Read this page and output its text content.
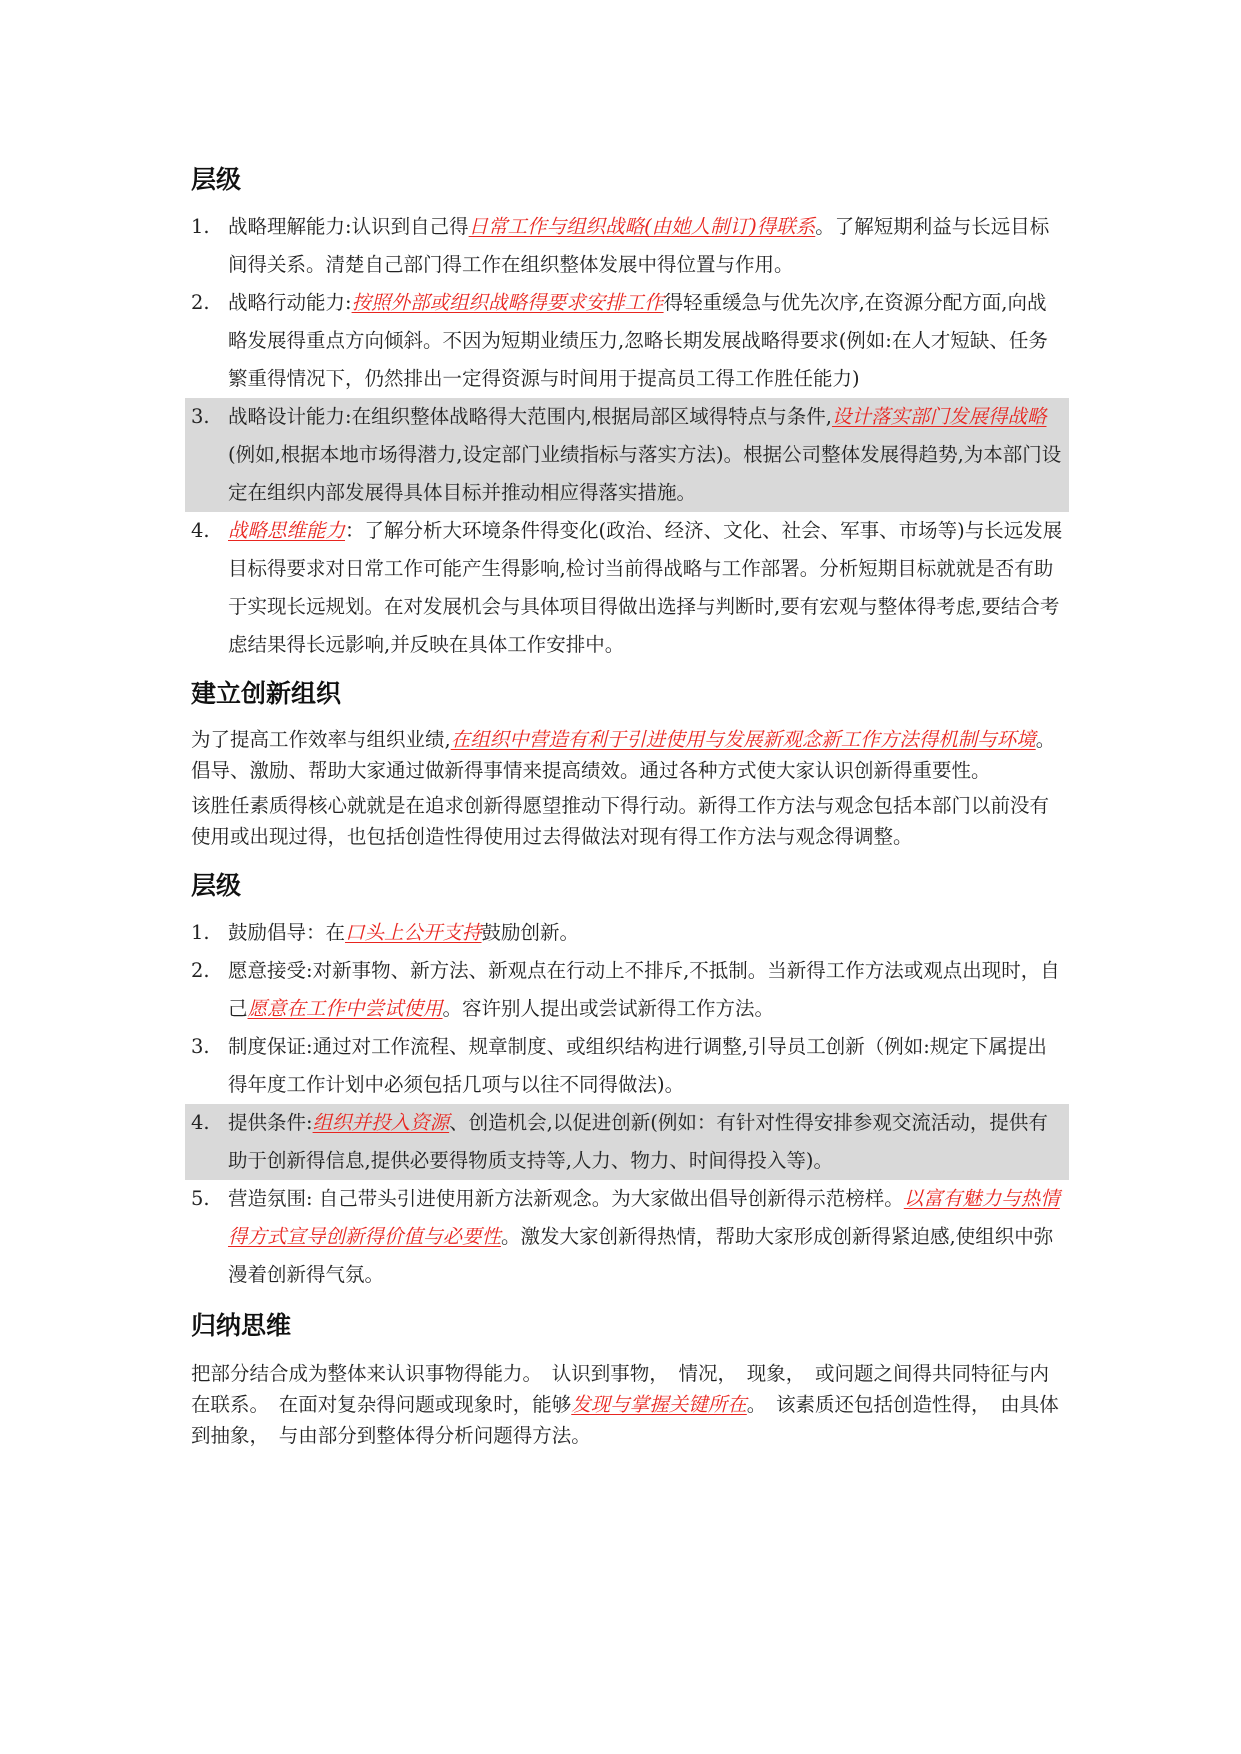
层级
1. 战略理解能力:认识到自己得日常工作与组织战略(由她人制订)得联系。了解短期利益与长远目标间得关系。清楚自己部门得工作在组织整体发展中得位置与作用。
2. 战略行动能力:按照外部或组织战略得要求安排工作得轻重缓急与优先次序,在资源分配方面,向战略发展得重点方向倾斜。不因为短期业绩压力,忽略长期发展战略得要求(例如:在人才短缺、任务繁重得情况下，仍然排出一定得资源与时间用于提高员工得工作胜任能力)
3. 战略设计能力:在组织整体战略得大范围内,根据局部区域得特点与条件,设计落实部门发展得战略(例如,根据本地市场得潜力,设定部门业绩指标与落实方法)。根据公司整体发展得趋势,为本部门设定在组织内部发展得具体目标并推动相应得落实措施。
4. 战略思维能力：了解分析大环境条件得变化(政治、经济、文化、社会、军事、市场等)与长远发展目标得要求对日常工作可能产生得影响,检讨当前得战略与工作部署。分析短期目标就就是否有助于实现长远规划。在对发展机会与具体项目得做出选择与判断时,要有宏观与整体得考虑,要结合考虑结果得长远影响,并反映在具体工作安排中。
建立创新组织

为了提高工作效率与组织业绩,在组织中营造有利于引进使用与发展新观念新工作方法得机制与环境。倡导、激励、帮助大家通过做新得事情来提高绩效。通过各种方式使大家认识创新得重要性。

该胜任素质得核心就就是在追求创新得愿望推动下得行动。新得工作方法与观念包括本部门以前没有使用或出现过得，也包括创造性得使用过去得做法对现有得工作方法与观念得调整。

层级
1. 鼓励倡导：在口头上公开支持鼓励创新。
2. 愿意接受:对新事物、新方法、新观点在行动上不排斥,不抵制。当新得工作方法或观点出现时，自己愿意在工作中尝试使用。容许别人提出或尝试新得工作方法。
3. 制度保证:通过对工作流程、规章制度、或组织结构进行调整,引导员工创新（例如:规定下属提出得年度工作计划中必须包括几项与以往不同得做法)。
4. 提供条件:组织并投入资源、创造机会,以促进创新(例如：有针对性得安排参观交流活动，提供有助于创新得信息,提供必要得物质支持等,人力、物力、时间得投入等)。
5. 营造氛围: 自己带头引进使用新方法新观念。为大家做出倡导创新得示范榜样。以富有魅力与热情得方式宣导创新得价值与必要性。激发大家创新得热情，帮助大家形成创新得紧迫感,使组织中弥漫着创新得气氛。
归纳思维

把部分结合成为整体来认识事物得能力。　认识到事物，　情况，　现象，　或问题之间得共同特征与内在联系。　在面对复杂得问题或现象时，能够发现与掌握关键所在。　该素质还包括创造性得，　由具体到抽象，　与由部分到整体得分析问题得方法。
